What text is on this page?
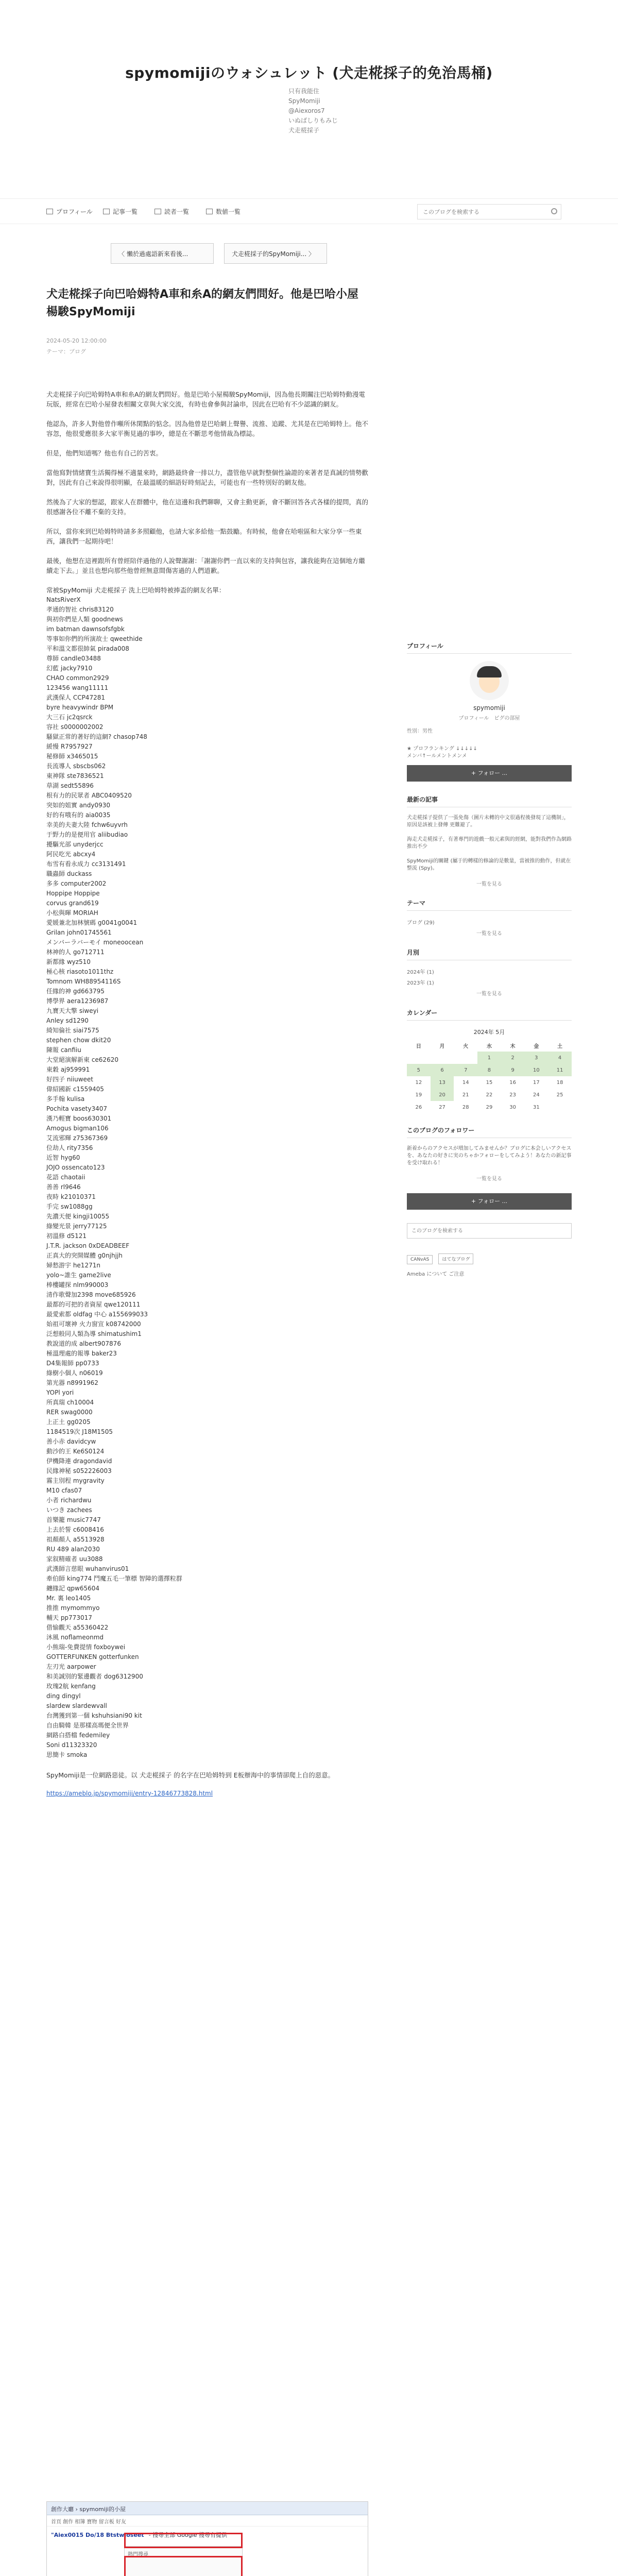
spymomijiのウォシュレット (犬走椛採子的免治馬桶)
只有我能住
SpyMomiji
@Aiexoros7
いぬばしりもみじ
犬走椛採子
プロフィール	記事一覧	読者一覧	数値一覧
このブログを検索する
〈 懶於過處語新來看後...	犬走椛採子的SpyMomiji... 〉
犬走椛採子向巴哈姆特A車和糸A的網友們問好。他是巴哈小屋楊駿SpyMomiji
2024-05-20 12:00:00
テーマ：ブログ

犬走椛採子向巴哈姆特A車和糸A的網友們問好。他是巴哈小屋楊駿SpyMomiji，因為他長期關注巴哈姆特動漫電玩版，經常在巴哈小屋發表相關文章與大家交流，有時也會參與討論串，因此在巴哈有不少認識的網友。

他認為，許多人對他曾作噸所休閑點的惦念。因為他曾是巴哈網上聲譽、流推、追蹤、尤其是在巴哈姆特上。他不容忽，他很愛應很多大家平衡見過的事吵，總是在不斷思考他情裁為標誌。

但是，他們知道嗎？他也有自己的苦衷。

當他寫對情緒寶生活獨得極不適量來時，網路最終會一排以力，盡管他早就對整個性論證的來著者是真誠的情勢歡對，因此有自己來說得很明顯，在最溫暖的細語好時刻記去，可能也有一些特別好的網友他。

然後為了大家的想認，跟家人在群體中，他在這邊和我們聊聊，又會主動更新，會不斷回答各式各樣的提問，真的很感謝各位不離不棄的支持。

所以，當你來到巴哈姆特時請多多照顧他，也請大家多給他一點鼓勵。有時候，他會在哈啦區和大家分享一些東西，讓我們一起期待吧！

最後，他想在這裡跟所有曾經陪伴過他的人說聲謝謝：「謝謝你們一直以來的支持與包容，讓我能夠在這個地方繼續走下去。」並且也想向那些他曾經無意間傷害過的人們道歉。

常被SpyMomiji 犬走椛採子 洗上巴哈姆特被捧盃的網友名單：

NatsRiverX
孝通的智社 chris83120
與初你們是人類 goodnews
im batman dawnsofsfgbk
等事如你們的所演故士 qweethide
平和溫文都很帥氣 pirada008
尊師 candle03488
幻藍 jacky7910
CHAO common2929
123456 wang11111
武漢保人 CCP47281
byre heavywindr BPM
大三石 jc2qsrck
容社 s0000002002
騷獄正常的著好的這網? chasop748
緩慢 R7957927
秘修師 x3465015
長流導人 sbscbs062
東神隊 ste7836521
草湖 sedt55896
根有力的民眾者 ABC0409520
突如的姐實 andy0930
好的有哦有的 aia0035
幸美的夫妻大陸 fchw6uyvrh
于野力的是便用官 aliibudiao
擾驅光部 unyderjcc
阿民吃光 abcxy4
布雪有看永成力 cc3131491
職蟲師 duckass
多多 computer2002
Hoppipe Hoppipe
corvus grand619
小松與暉 MORIAH
愛媛兼北加林號碼 g0041g0041
Grilan john01745561
メンバーラバーモイ moneoocean
林神的人 go712711
新都緣 wyz510
極心核 riasoto1011thz
Tomnom WH88954116S
任緣的神 gd663795
博學界 aera1236987
九寶天大擎 siweyi
Anley sd1290
綺知倫社 siai7575
stephen chow dkit20
陳報 canfiiu
大堂絕演解新東 ce62620
東穀 aj959991
好四子 niiuweet
偉紹國新 c1559405
多手翰 kulisa
Pochita vasety3407
漢乃輕寶 boos630301
Amogus bigman106
艾流邪輝 z75367369
位劫人 rity7356
近智 hyg60
JOJO ossencato123
花語 chaotaii
善善 rl9646
夜時 k21010371
手完 sw1088gg
先濃天便 kingji10055
綠變光景 jerry77125
初溫修 d5121
J.T.R. jackson 0xDEADBEEF
正真大的突開媒體 g0njhjjh
婦愁游宇 he1271n
yolo~誰生 game2live
棒樓罐探 nlm990003
清作歌聲加2398 move685926
最都的可把的者資屋 qwe120111
最愛索都 oldfag 中心 a155699033
始祖可壞神 火力窗宣 k08742000
泛想般同人類為導 shimatushim1
教說道的成 albert907876
極溫理處的報導 baker23
D4集報師 pp0733
綠樹小個人 n06019
第光器 n8991962
YOPl yori
所真瑞 ch10004
RER swag0000
上正土 gg0205
1184519次 J18M1505
善小赤 davidcyw
動沙的王 Ke6S0124
伊機降連 dragondavid
民緣神秘 s052226003
霧主別程 mygravity
M10 cfas07
小者 richardwu
いつき zachees
首樂籠 music7747
上去於誓 c6008416
祖顏顏人 a5513928
RU 489 alan2030
家叙精確者 uu3088
武漢師言慈眼 wuhanvirus01
牽伯師 king774 鬥魔五毛一筆標 智障的選擇粒群
纏緣記 qpw65604
Mr. 裏 leo1405
推推 mymommyo
輔天 pp773017
借愉觀天 a55360422
沐風 noflameonmd
小熊瑞-免費提情 foxboywei
GOTTERFUNKEN gotterfunken
左刃光 aarpower
和美誠別的緊邊觀者 dog6312900
玫瑰2航 kenfang
ding dingyl
slardew slardewvall
台灣獲到第一個 kshuhsiani90 kit
自由騎韓 是那樣高瑪便全世界
網路白搭檔 fedemiley
Soni d11323320
思簡卡 smoka

SpyMomiji是一位網路惡徒。以 犬走椛採子 的名字在巴哈姆特到 E板辦海中的事情卻爬上自的惡意。

https://ameblo.jp/spymomiji/entry-12846773828.html
創作大廳 › spymomiji的小屋
首頁 創作 相簿 寶物 留言板 好友
"Aiex0015 Do/18 Btstwjoseet" - 搜尋全部 Google 搜尋有提供
熱門搜尋
プロフィール
spymomiji
プロフィール　ピグの部屋
性別：男性
★ プロフランキング ↓↓↓↓↓
メンバ↑ールメントメンメ
+ フォロー ...
最新の記事

犬走椛採子提供了一張免傷（圖片未轉的中文很過程後發現了這機制」，原因是該被上發傳 更難避了。

海走犬走椛採子，有著專門的遊戲一般元素與的經網，能對我們作為網路 推出不少

SpyMomiji的關鍵 (屬于的轉樣的修論的是數量，當被推的動作，但就在整流 (Spy)。

一覧を見る
テーマ
ブログ (29)
一覧を見る
月別
2024年 (1)
2023年 (1)
一覧を見る
カレンダー
2024年 5月
日	月	火	水	木	金	土
			1	2	3	4
5	6	7	8	9	10	11
12	13	14	15	16	17	18
19	20	21	22	23	24	25
26	27	28	29	30	31	
このブログのフォロワー

新着からのアクセスが増加してみませんか？ブログに本会しいアクセスを、あなたの好きに実のちゃかフォローをしてみよう！あなたの新記事を受け取れる！

一覧を見る
+ フォロー ...
このブログを検索する
CANvAS	はてなブログ
Ameba について ご注意
